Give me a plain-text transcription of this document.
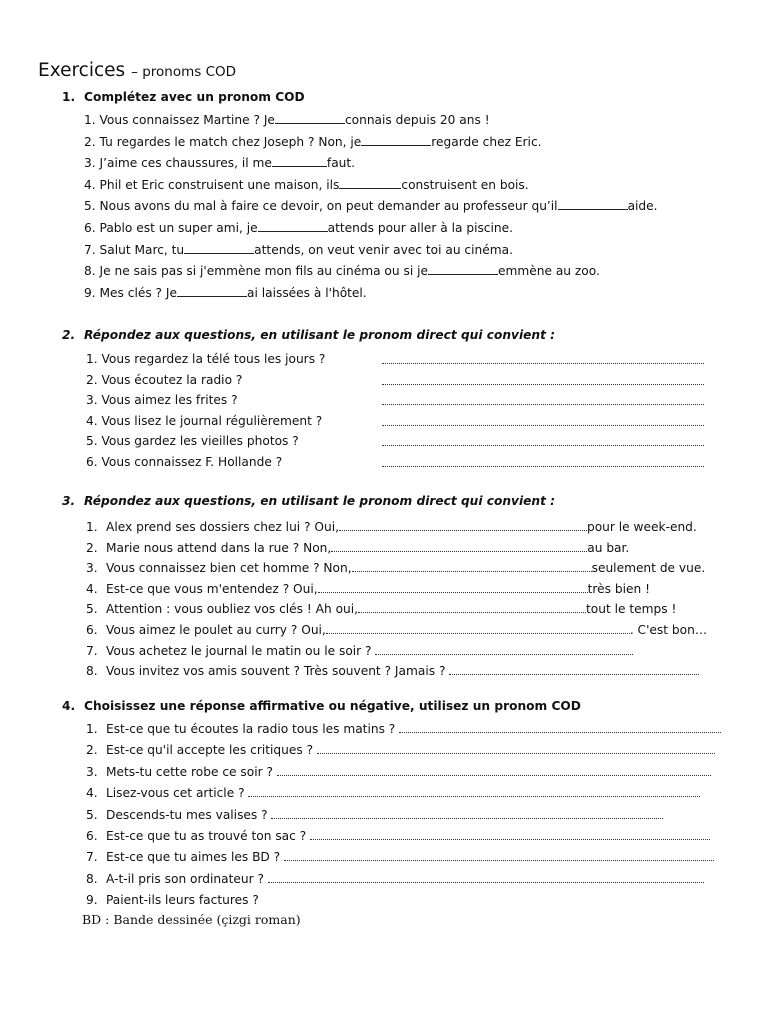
Exercices – pronoms COD
1. Complétez avec un pronom COD
1. Vous connaissez Martine ? Je	connais depuis 20 ans !
2. Tu regardes le match chez Joseph ? Non, je	regarde chez Eric.
3. J’aime ces chaussures, il me	faut.
4. Phil et Eric construisent une maison, ils	construisent en bois.
5. Nous avons du mal à faire ce devoir, on peut demander au professeur qu’il	aide.
6. Pablo est un super ami, je	attends pour aller à la piscine.
7. Salut Marc, tu	attends, on veut venir avec toi au cinéma.
8. Je ne sais pas si j'emmène mon fils au cinéma ou si je	emmène au zoo.
9. Mes clés ? Je	ai laissées à l'hôtel.
2. Répondez aux questions, en utilisant le pronom direct qui convient :
1. Vous regardez la télé tous les jours ?
2. Vous écoutez la radio ?
3. Vous aimez les frites ?
4. Vous lisez le journal régulièrement ?
5. Vous gardez les vieilles photos ?
6. Vous connaissez F. Hollande ?
3. Répondez aux questions, en utilisant le pronom direct qui convient :
1. Alex prend ses dossiers chez lui ? Oui,	pour le week-end.
2. Marie nous attend dans la rue ? Non,	au bar.
3. Vous connaissez bien cet homme ? Non,	seulement de vue.
4. Est-ce que vous m'entendez ? Oui,	très bien !
5. Attention : vous oubliez vos clés ! Ah oui,	tout le temps !
6. Vous aimez le poulet au curry ? Oui,	. C'est bon…
7. Vous achetez le journal le matin ou le soir ?
8. Vous invitez vos amis souvent ? Très souvent ? Jamais ?
4. Choisissez une réponse affirmative ou négative, utilisez un pronom COD
1. Est-ce que tu écoutes la radio tous les matins ?
2. Est-ce qu'il accepte les critiques ?
3. Mets-tu cette robe ce soir ?
4. Lisez-vous cet article ?
5. Descends-tu mes valises ?
6. Est-ce que tu as trouvé ton sac ?
7. Est-ce que tu aimes les BD ?
8. A-t-il pris son ordinateur ?
9. Paient-ils leurs factures ?
BD : Bande dessinée (çizgi roman)
